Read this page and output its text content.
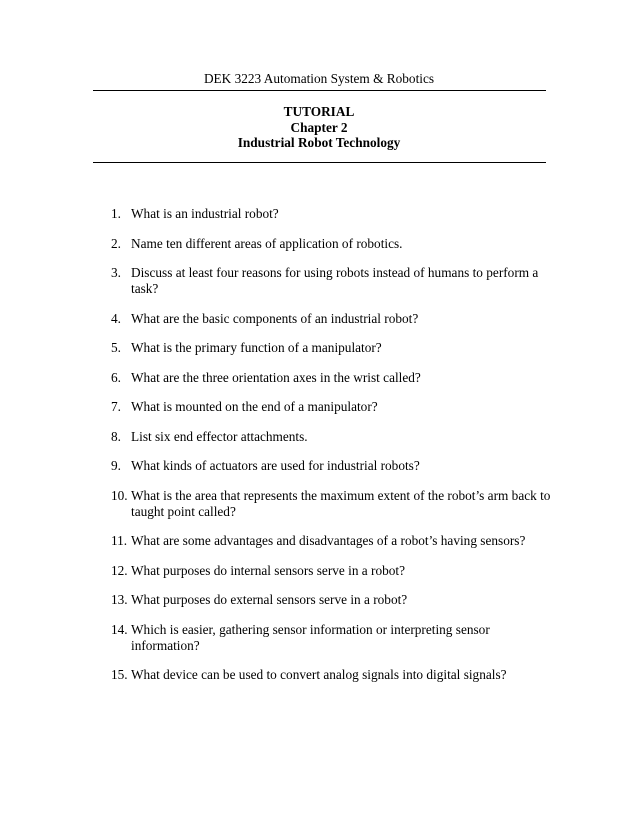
DEK 3223 Automation System & Robotics
TUTORIAL
Chapter 2
Industrial Robot Technology
1. What is an industrial robot?
2. Name ten different areas of application of robotics.
3. Discuss at least four reasons for using robots instead of humans to perform a task?
4. What are the basic components of an industrial robot?
5. What is the primary function of a manipulator?
6. What are the three orientation axes in the wrist called?
7. What is mounted on the end of a manipulator?
8. List six end effector attachments.
9. What kinds of actuators are used for industrial robots?
10. What is the area that represents the maximum extent of the robot’s arm back to taught point called?
11. What are some advantages and disadvantages of a robot’s having sensors?
12. What purposes do internal sensors serve in a robot?
13. What purposes do external sensors serve in a robot?
14. Which is easier, gathering sensor information or interpreting sensor information?
15. What device can be used to convert analog signals into digital signals?
